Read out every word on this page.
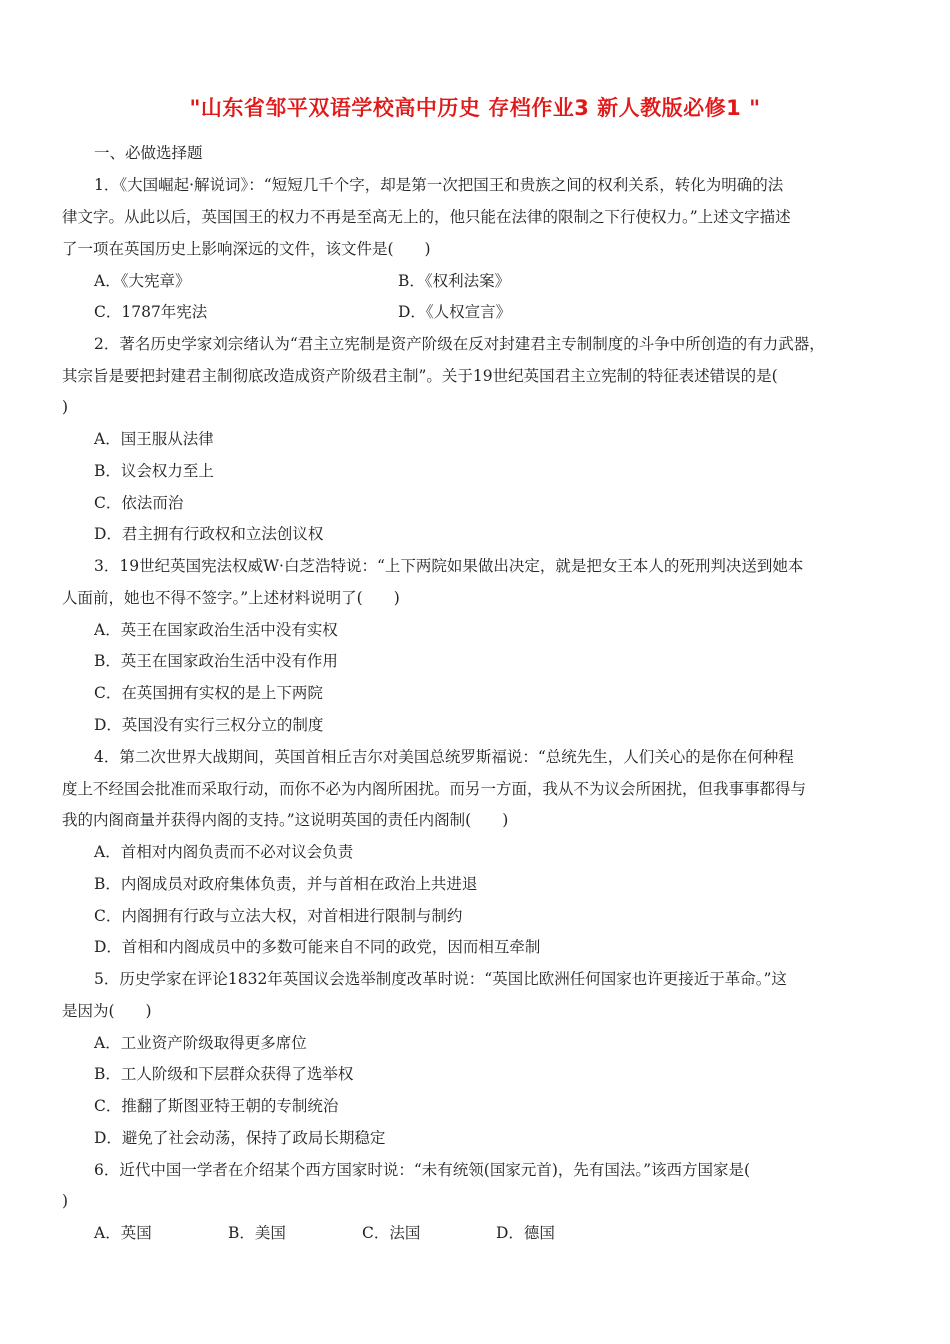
"山东省邹平双语学校高中历史 存档作业3 新人教版必修1 "
一、必做选择题
1．《大国崛起·解说词》：“短短几千个字，却是第一次把国王和贵族之间的权利关系，转化为明确的法
律文字。从此以后，英国国王的权力不再是至高无上的，他只能在法律的限制之下行使权力。”上述文字描述
了一项在英国历史上影响深远的文件，该文件是(　　)
A．《大宪章》	B．《权利法案》
C．1787年宪法	D．《人权宣言》
2．著名历史学家刘宗绪认为“君主立宪制是资产阶级在反对封建君主专制制度的斗争中所创造的有力武器，
其宗旨是要把封建君主制彻底改造成资产阶级君主制”。关于19世纪英国君主立宪制的特征表述错误的是(
)
A．国王服从法律
B．议会权力至上
C．依法而治
D．君主拥有行政权和立法创议权
3．19世纪英国宪法权威W·白芝浩特说：“上下两院如果做出决定，就是把女王本人的死刑判决送到她本
人面前，她也不得不签字。”上述材料说明了(　　)
A．英王在国家政治生活中没有实权
B．英王在国家政治生活中没有作用
C．在英国拥有实权的是上下两院
D．英国没有实行三权分立的制度
4．第二次世界大战期间，英国首相丘吉尔对美国总统罗斯福说：“总统先生，人们关心的是你在何种程
度上不经国会批准而采取行动，而你不必为内阁所困扰。而另一方面，我从不为议会所困扰，但我事事都得与
我的内阁商量并获得内阁的支持。”这说明英国的责任内阁制(　　)
A．首相对内阁负责而不必对议会负责
B．内阁成员对政府集体负责，并与首相在政治上共进退
C．内阁拥有行政与立法大权，对首相进行限制与制约
D．首相和内阁成员中的多数可能来自不同的政党，因而相互牵制
5．历史学家在评论1832年英国议会选举制度改革时说：“英国比欧洲任何国家也许更接近于革命。”这
是因为(　　)
A．工业资产阶级取得更多席位
B．工人阶级和下层群众获得了选举权
C．推翻了斯图亚特王朝的专制统治
D．避免了社会动荡，保持了政局长期稳定
6．近代中国一学者在介绍某个西方国家时说：“未有统领(国家元首)，先有国法。”该西方国家是(
)
A．英国	B．美国	C．法国	D．德国
